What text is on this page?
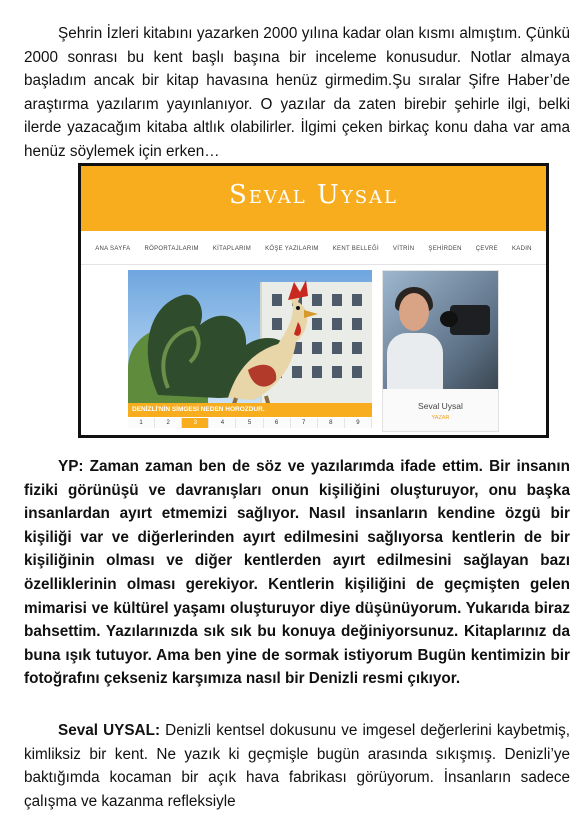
Şehrin İzleri kitabını yazarken 2000 yılına kadar olan kısmı almıştım. Çünkü 2000 sonrası bu kent başlı başına bir inceleme konusudur. Notlar almaya başladım ancak bir kitap havasına henüz girmedim.Şu sıralar Şifre Haber’de araştırma yazılarım yayınlanıyor. O yazılar da zaten birebir şehirle ilgi, belki ilerde yazacağım kitaba altlık olabilirler. İlgimi çeken birkaç konu daha var ama henüz söylemek için erken…

Seval Uysal
ANA SAYFA RÖPORTAJLARIM KİTAPLARIM KÖŞE YAZILARIM KENT BELLEĞİ VİTRİN ŞEHİRDEN ÇEVRE KADIN
DENİZLİ'NİN SİMGESİ NEDEN HOROZDUR.
1	2	3	4	5	6	7	8	9
Seval Uysal
YAZAR

YP: Zaman zaman ben de söz ve yazılarımda ifade ettim. Bir insanın fiziki görünüşü ve davranışları onun kişiliğini oluşturuyor, onu başka insanlardan ayırt etmemizi sağlıyor. Nasıl insanların kendine özgü bir kişiliği var ve diğerlerinden ayırt edilmesini sağlıyorsa kentlerin de bir kişiliğinin olması ve diğer kentlerden ayırt edilmesini sağlayan bazı özelliklerinin olması gerekiyor. Kentlerin kişiliğini de geçmişten gelen mimarisi ve kültürel yaşamı oluşturuyor diye düşünüyorum. Yukarıda biraz bahsettim. Yazılarınızda sık sık bu konuya değiniyorsunuz. Kitaplarınız da buna ışık tutuyor. Ama ben yine de sormak istiyorum Bugün kentimizin bir fotoğrafını çekseniz karşımıza nasıl bir Denizli resmi çıkıyor.

Seval UYSAL: Denizli kentsel dokusunu ve imgesel değerlerini kaybetmiş, kimliksiz bir kent. Ne yazık ki geçmişle bugün arasında sıkışmış. Denizli’ye baktığımda kocaman bir açık hava fabrikası görüyorum. İnsanların sadece çalışma ve kazanma refleksiyle
